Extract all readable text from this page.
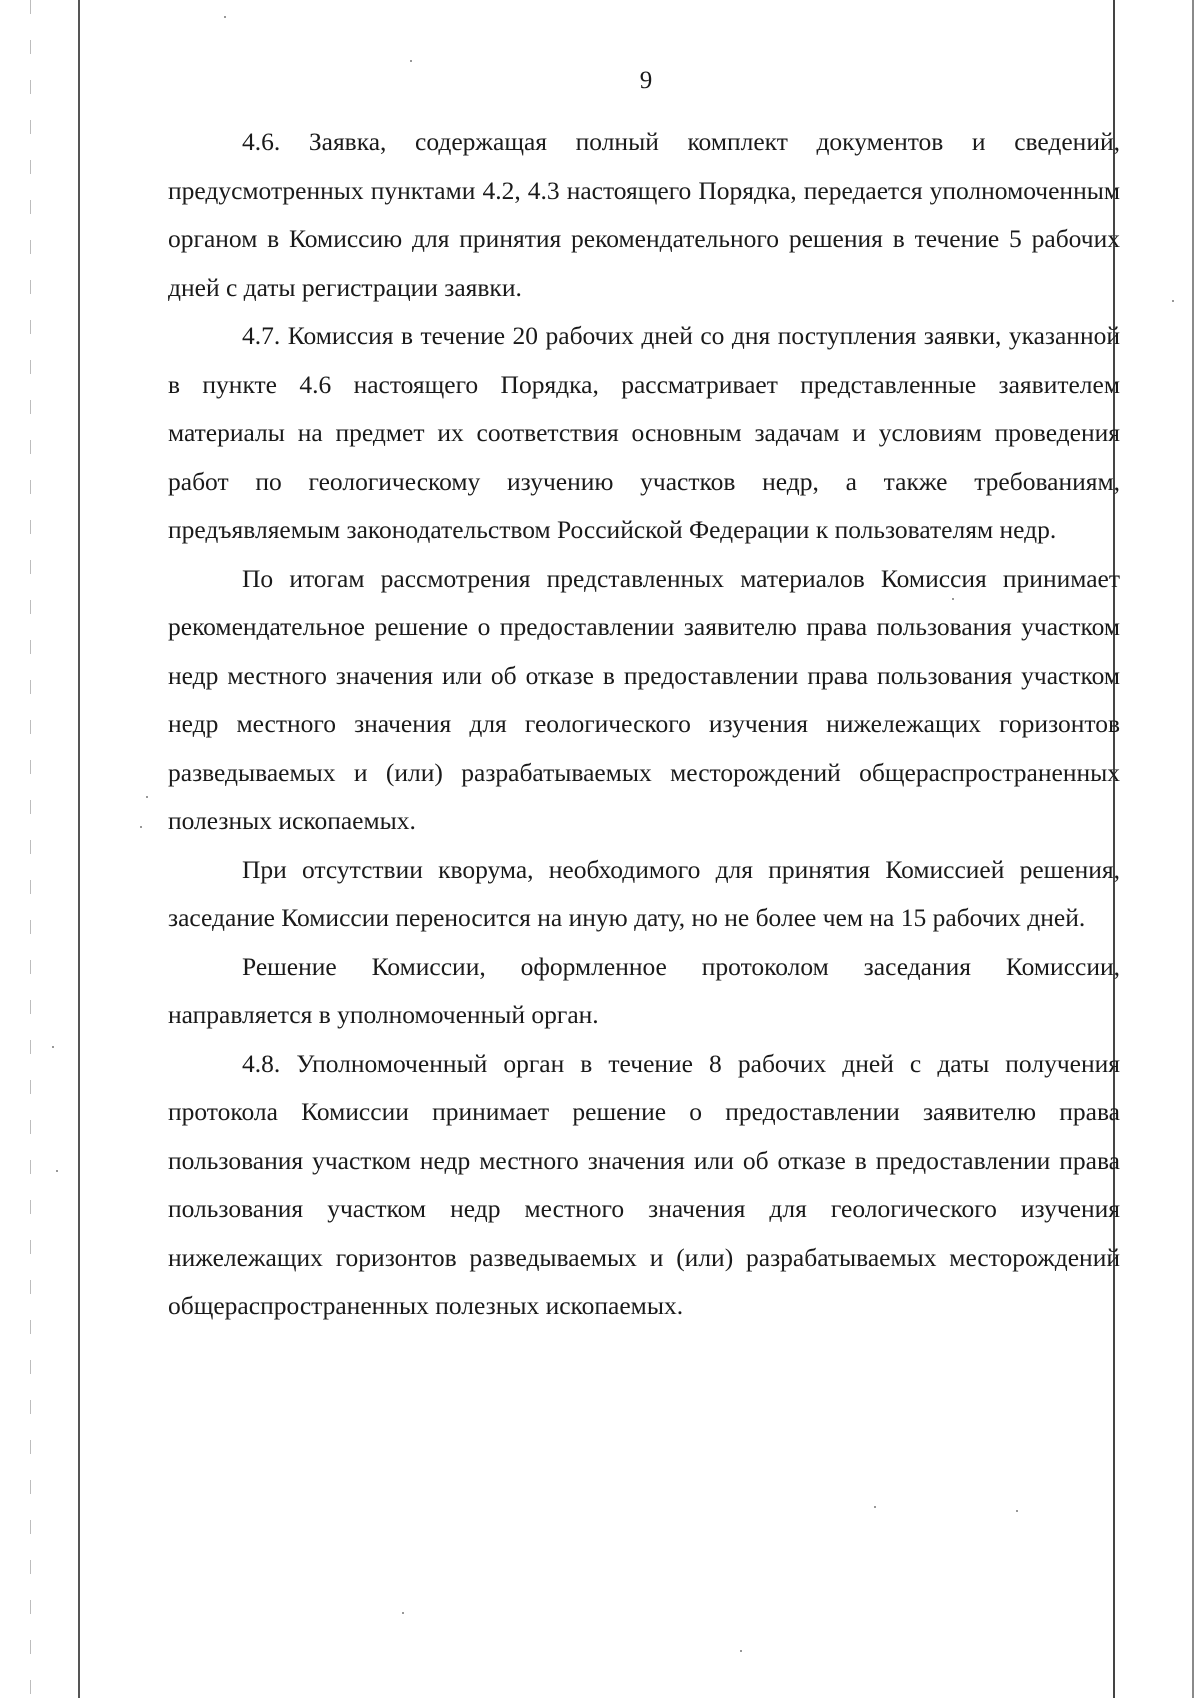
9

4.6. Заявка, содержащая полный комплект документов и сведений, предусмотренных пунктами 4.2, 4.3 настоящего Порядка, передается уполномоченным органом в Комиссию для принятия рекомендательного решения в течение 5 рабочих дней с даты регистрации заявки.

4.7. Комиссия в течение 20 рабочих дней со дня поступления заявки, указанной в пункте 4.6 настоящего Порядка, рассматривает представленные заявителем материалы на предмет их соответствия основным задачам и условиям проведения работ по геологическому изучению участков недр, а также требованиям, предъявляемым законодательством Российской Федерации к пользователям недр.

По итогам рассмотрения представленных материалов Комиссия принимает рекомендательное решение о предоставлении заявителю права пользования участком недр местного значения или об отказе в предоставлении права пользования участком недр местного значения для геологического изучения нижележащих горизонтов разведываемых и (или) разрабатываемых месторождений общераспространенных полезных ископаемых.

При отсутствии кворума, необходимого для принятия Комиссией решения, заседание Комиссии переносится на иную дату, но не более чем на 15 рабочих дней.

Решение Комиссии, оформленное протоколом заседания Комиссии, направляется в уполномоченный орган.

4.8. Уполномоченный орган в течение 8 рабочих дней с даты получения протокола Комиссии принимает решение о предоставлении заявителю права пользования участком недр местного значения или об отказе в предоставлении права пользования участком недр местного значения для геологического изучения нижележащих горизонтов разведываемых и (или) разрабатываемых месторождений общераспространенных полезных ископаемых.
